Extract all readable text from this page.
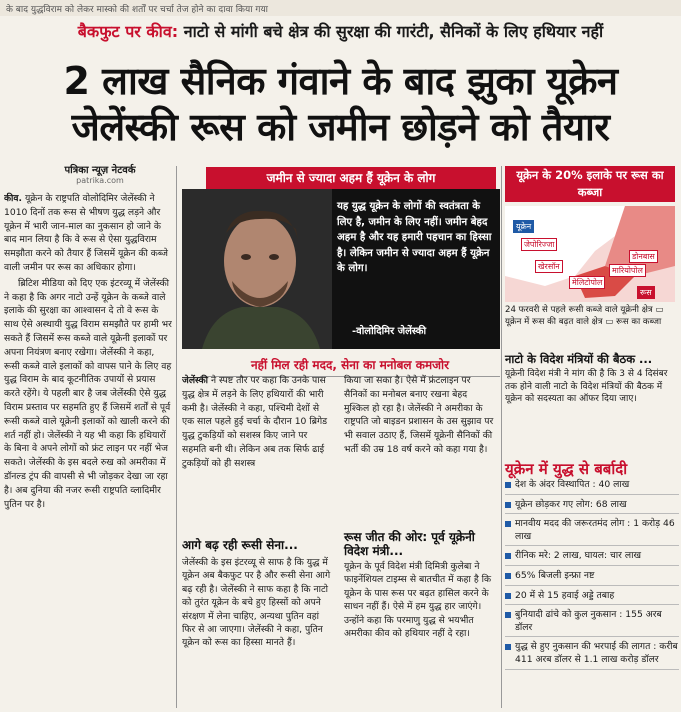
के बाद युद्धविराम को लेकर मास्को की शर्तों पर चर्चा तेज होने का दावा किया गया
बैकफुट पर कीव: नाटो से मांगी बचे क्षेत्र की सुरक्षा की गारंटी, सैनिकों के लिए हथियार नहीं
2 लाख सैनिक गंवाने के बाद झुका यूक्रेन
जेलेंस्की रूस को जमीन छोड़ने को तैयार
पत्रिका न्यूज़ नेटवर्क
patrika.com

कीव. यूक्रेन के राष्ट्रपति वोलोदिमिर जेलेंस्की ने 1010 दिनों तक रूस से भीषण युद्ध लड़ने और यूक्रेन में भारी जान-माल का नुकसान हो जाने के बाद मान लिया है कि वे रूस से ऐसा युद्धविराम समझौता करने को तैयार हैं जिसमें यूक्रेन की कब्जे वाली जमीन पर रूस का अधिकार होगा।

ब्रिटिश मीडिया को दिए एक इंटरव्यू में जेलेंस्की ने कहा है कि अगर नाटो उन्हें यूक्रेन के कब्जे वाले इलाके की सुरक्षा का आश्वासन दे तो वे रूस के साथ ऐसे अस्थायी युद्ध विराम समझौते पर हामी भर सकते हैं जिसमें रूस कब्जे वाले यूक्रेनी इलाकों पर अपना नियंत्रण बनाए रखेगा। जेलेंस्की ने कहा, रूसी कब्जे वाले इलाकों को वापस पाने के लिए वह युद्ध विराम के बाद कूटनीतिक उपायों से प्रयास करते रहेंगे। ये पहली बार है जब जेलेंस्की ऐसे युद्ध विराम प्रस्ताव पर सहमति हुए हैं जिसमें शर्तों से पूर्व रूसी कब्जे वाले यूक्रेनी इलाकों को खाली करने की शर्त नहीं हो। जेलेंस्की ने यह भी कहा कि हथियारों के बिना वे अपने लोगों को फ्रंट लाइन पर नहीं भेज सकते। जेलेंस्की के इस बदले रुख को अमरीका में डॉनल्ड ट्रंप की वापसी से भी जोड़कर देखा जा रहा है। अब दुनिया की नजर रूसी राष्ट्रपति व्लादिमीर पुतिन पर है।

जमीन से ज्यादा अहम हैं यूक्रेन के लोग
यह युद्ध यूक्रेन के लोगों की स्वतंत्रता के लिए है, जमीन के लिए नहीं। जमीन बेहद अहम है और यह हमारी पहचान का हिस्सा है। लेकिन जमीन से ज्यादा अहम हैं यूक्रेन के लोग।
-वोलोदिमिर जेलेंस्की
नहीं मिल रही मदद, सेना का मनोबल कमजोर
जेलेंस्की ने स्पष्ट तौर पर कहा कि उनके पास युद्ध क्षेत्र में लड़ने के लिए हथियारों की भारी कमी है। जेलेंस्की ने कहा, पश्चिमी देशों से एक साल पहले हुई चर्चा के दौरान 10 ब्रिगेड युद्ध टुकड़ियों को सशस्त्र किए जाने पर सहमति बनी थी। लेकिन अब तक सिर्फ ढाई टुकड़ियों को ही सशस्त्र
किया जा सका है। ऐसे में फ्रंटलाइन पर सैनिकों का मनोबल बनाए रखना बेहद मुश्किल हो रहा है। जेलेंस्की ने अमरीका के राष्ट्रपति जो बाइडन प्रशासन के उस सुझाव पर भी सवाल उठाए हैं, जिसमें यूक्रेनी सैनिकों की भर्ती की उम्र 18 वर्ष करने को कहा गया है।
आगे बढ़ रही रूसी सेना...
जेलेंस्की के इस इंटरव्यू से साफ है कि युद्ध में यूक्रेन अब बैकफुट पर है और रूसी सेना आगे बढ़ रही है। जेलेंस्की ने साफ कहा है कि नाटो को तुरंत यूक्रेन के बचे हुए हिस्सों को अपने संरक्षण में लेना चाहिए, अन्यथा पुतिन वहां फिर से आ जाएगा। जेलेंस्की ने कहा, पुतिन यूक्रेन को रूस का हिस्सा मानते हैं।
रूस जीत की ओर: पूर्व यूक्रेनी विदेश मंत्री...
यूक्रेन के पूर्व विदेश मंत्री दिमित्री कुलेबा ने फाइनेंशियल टाइम्स से बातचीत में कहा है कि यूक्रेन के पास रूस पर बढ़त हासिल करने के साधन नहीं हैं। ऐसे में हम युद्ध हार जाएंगे। उन्होंने कहा कि परमाणु युद्ध से भयभीत अमरीका कीव को हथियार नहीं दे रहा।
यूक्रेन के 20% इलाके पर रूस का कब्जा
यूक्रेन
जेपोरिज्जा
डोनबास
खेरसॉन	मारियोपोल
मेलिटोपोल
रूस
24 फरवरी से पहले रूसी कब्जे वाले यूक्रेनी क्षेत्र ▭ यूक्रेन में रूस की बढ़त वाले क्षेत्र ▭ रूस का कब्जा
नाटो के विदेश मंत्रियों की बैठक ...
यूक्रेनी विदेश मंत्री ने मांग की है कि 3 से 4 दिसंबर तक होने वाली नाटो के विदेश मंत्रियों की बैठक में यूक्रेन को सदस्यता का ऑफर दिया जाए।
यूक्रेन में युद्ध से बर्बादी
देश के अंदर विस्थापित : 40 लाख
यूक्रेन छोड़कर गए लोग: 68 लाख
मानवीय मदद की जरूरतमंद लोग : 1 करोड़ 46 लाख
रीनिक मरे: 2 लाख, घायल: चार लाख
65% बिजली इन्फ्रा नष्ट
20 में से 15 हवाई अड्डे तबाह
बुनियादी ढांचे को कुल नुकसान : 155 अरब डॉलर
युद्ध से हुए नुकसान की भरपाई की लागत : करीब 411 अरब डॉलर से 1.1 लाख करोड़ डॉलर
